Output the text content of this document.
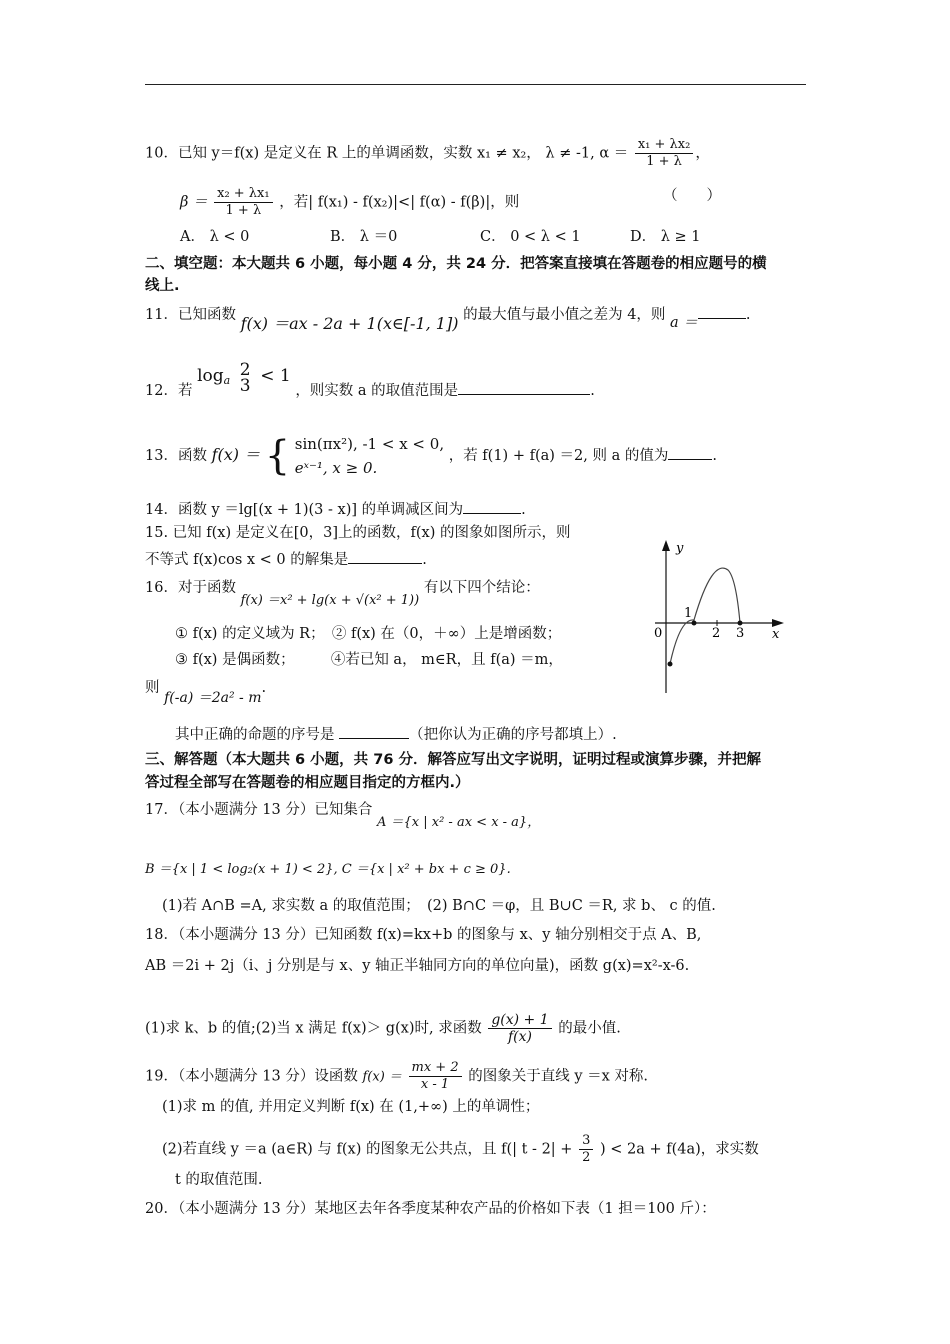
10．已知 y＝f(x) 是定义在 R 上的单调函数，实数 x₁ ≠ x₂， λ ≠ -1, $\alpha = \frac{\text{x₁ + λx₂}}{1 + \lambda}$ ，
$\beta = \frac{\text{x₂ + λx₁}}{1 + \lambda}$ ，若| f(x₁) - f(x₂)|<| f(α) - f(β)|，则	（　　）
A． λ < 0	B． λ ＝0	C． 0 < λ < 1	D． λ ≥ 1
二、填空题：本大题共 6 小题，每小题 4 分，共 24 分．把答案直接填在答题卷的相应题号的横
线上.
11．已知函数 f(x) ＝ax - 2a + 1(x∈[-1, 1]) 的最大值与最小值之差为 4，则 a ＝	.
12．若 $\log_a$
2
3 < 1 ，则实数 a 的取值范围是	.
13．函数 f(x) ＝ { sin(πx²), -1 < x < 0,
eˣ⁻¹, x ≥ 0.
，若 f(1) + f(a) ＝2, 则 a 的值为	.
14．函数 y ＝lg[(x + 1)(3 - x)] 的单调减区间为	.
15. 已知 f(x) 是定义在[0，3]上的函数，f(x) 的图象如图所示，则
不等式 f(x)cos x < 0 的解集是	.
16．对于函数 f(x) ＝x² + lg(x + √(x² + 1)) 有以下四个结论：
① f(x) 的定义域为 R；　② f(x) 在（0，＋∞）上是增函数；
③ f(x) 是偶函数；　　　④若已知 a， m∈R，且 f(a) ＝m，
则 f(-a) ＝2a² - m.
其中正确的命题的序号是	（把你认为正确的序号都填上）.
y
x
0
1
2 3
三、解答题（本大题共 6 小题，共 76 分．解答应写出文字说明，证明过程或演算步骤，并把解
答过程全部写在答题卷的相应题目指定的方框内.）
17．（本小题满分 13 分）已知集合 A ＝{x | x² - ax < x - a}，
B ＝{x | 1 < log₂(x + 1) < 2}, C ＝{x | x² + bx + c ≥ 0}.
(1)若 A∩B =A, 求实数 a 的取值范围；　(2) B∩C ＝φ，且 B∪C ＝R, 求 b、 c 的值.
18．（本小题满分 13 分）已知函数 f(x)=kx+b 的图象与 x、y 轴分别相交于点 A、B,
AB ＝2i + 2j（i、j 分别是与 x、y 轴正半轴同方向的单位向量)，函数 g(x)=x²-x-6.
(1)求 k、b 的值;(2)当 x 满足 f(x)＞ g(x)时, 求函数 $\frac{g(x) + 1}{f(x)}$ 的最小值.
19．（本小题满分 13 分）设函数 $f(x) = \frac{mx + 2}{x - 1}$ 的图象关于直线 y ＝x 对称.
(1)求 m 的值, 并用定义判断 f(x) 在 (1,+∞) 上的单调性；
(2)若直线 y ＝a (a∈R) 与 f(x) 的图象无公共点，且 f(| $t - 2| + \frac{3}{2}$ ) < 2a + f(4a)，求实数
t 的取值范围.
20．（本小题满分 13 分）某地区去年各季度某种农产品的价格如下表（1 担＝100 斤）：
